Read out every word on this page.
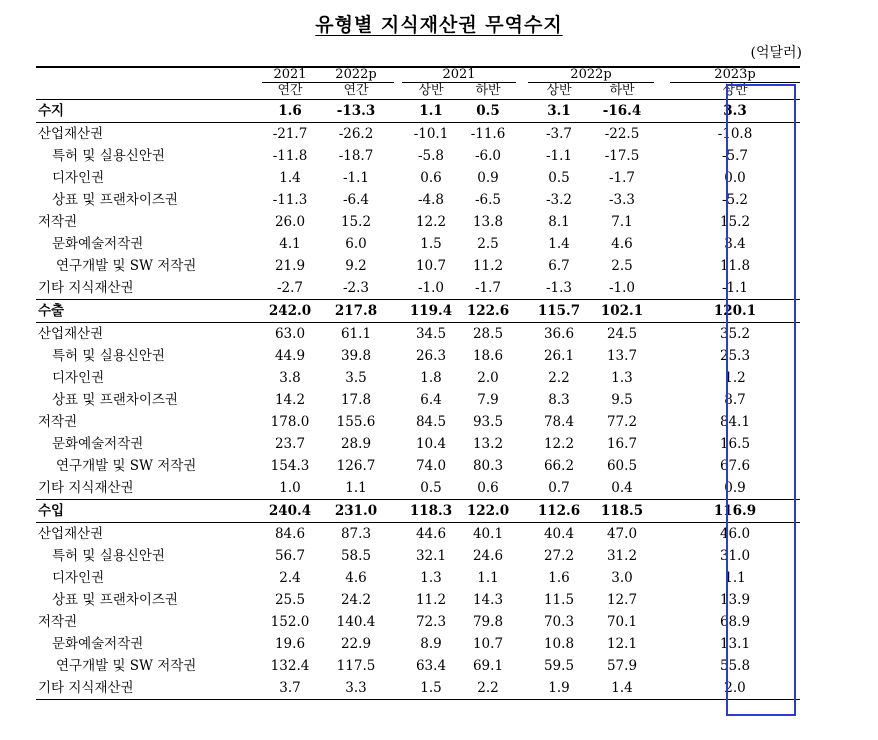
유형별 지식재산권 무역수지
(억달러)
	2021	2022p		2021			2022p			2023p
	연간	연간		상반	하반		상반	하반		상반
수지	1.6	-13.3		1.1	0.5		3.1	-16.4		3.3
산업재산권	-21.7	-26.2		-10.1	-11.6		-3.7	-22.5		-10.8
특허 및 실용신안권	-11.8	-18.7		-5.8	-6.0		-1.1	-17.5		-5.7
디자인권	1.4	-1.1		0.6	0.9		0.5	-1.7		0.0
상표 및 프랜차이즈권	-11.3	-6.4		-4.8	-6.5		-3.2	-3.3		-5.2
저작권	26.0	15.2		12.2	13.8		8.1	7.1		15.2
문화예술저작권	4.1	6.0		1.5	2.5		1.4	4.6		3.4
연구개발 및 SW 저작권	21.9	9.2		10.7	11.2		6.7	2.5		11.8
기타 지식재산권	-2.7	-2.3		-1.0	-1.7		-1.3	-1.0		-1.1
수출	242.0	217.8		119.4	122.6		115.7	102.1		120.1
산업재산권	63.0	61.1		34.5	28.5		36.6	24.5		35.2
특허 및 실용신안권	44.9	39.8		26.3	18.6		26.1	13.7		25.3
디자인권	3.8	3.5		1.8	2.0		2.2	1.3		1.2
상표 및 프랜차이즈권	14.2	17.8		6.4	7.9		8.3	9.5		8.7
저작권	178.0	155.6		84.5	93.5		78.4	77.2		84.1
문화예술저작권	23.7	28.9		10.4	13.2		12.2	16.7		16.5
연구개발 및 SW 저작권	154.3	126.7		74.0	80.3		66.2	60.5		67.6
기타 지식재산권	1.0	1.1		0.5	0.6		0.7	0.4		0.9
수입	240.4	231.0		118.3	122.0		112.6	118.5		116.9
산업재산권	84.6	87.3		44.6	40.1		40.4	47.0		46.0
특허 및 실용신안권	56.7	58.5		32.1	24.6		27.2	31.2		31.0
디자인권	2.4	4.6		1.3	1.1		1.6	3.0		1.1
상표 및 프랜차이즈권	25.5	24.2		11.2	14.3		11.5	12.7		13.9
저작권	152.0	140.4		72.3	79.8		70.3	70.1		68.9
문화예술저작권	19.6	22.9		8.9	10.7		10.8	12.1		13.1
연구개발 및 SW 저작권	132.4	117.5		63.4	69.1		59.5	57.9		55.8
기타 지식재산권	3.7	3.3		1.5	2.2		1.9	1.4		2.0
